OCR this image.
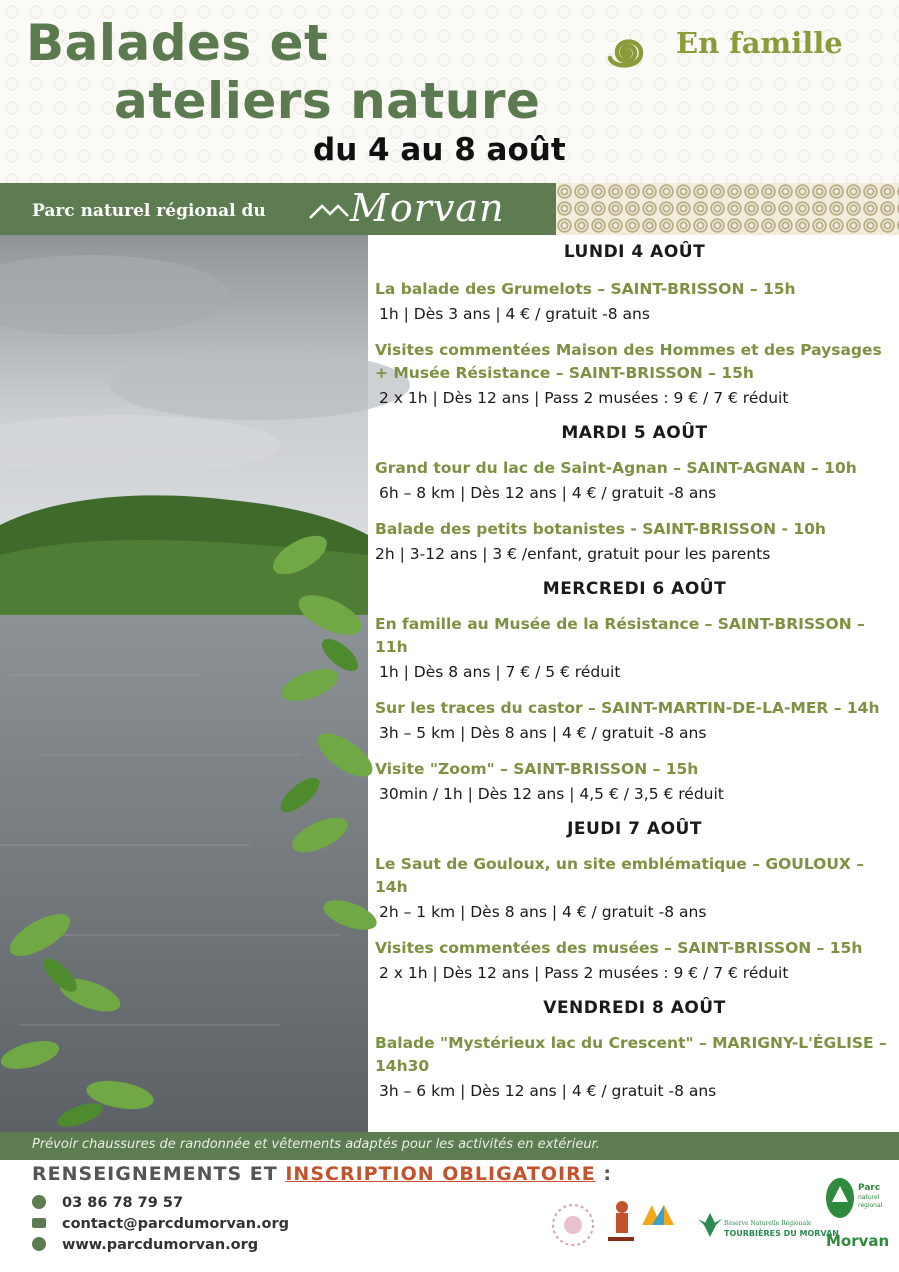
Balades et
ateliers nature
du 4 au 8 août
En famille
Parc naturel régional du Morvan
LUNDI 4 AOÛT
La balade des Grumelots – SAINT-BRISSON – 15h
1h | Dès 3 ans | 4 € / gratuit -8 ans
Visites commentées Maison des Hommes et des Paysages + Musée Résistance – SAINT-BRISSON – 15h
2 x 1h | Dès 12 ans | Pass 2 musées : 9 € / 7 € réduit
MARDI 5 AOÛT
Grand tour du lac de Saint-Agnan – SAINT-AGNAN – 10h
6h – 8 km | Dès 12 ans | 4 € / gratuit -8 ans
Balade des petits botanistes - SAINT-BRISSON - 10h
2h | 3-12 ans | 3 € /enfant, gratuit pour les parents
MERCREDI 6 AOÛT
En famille au Musée de la Résistance – SAINT-BRISSON – 11h
1h | Dès 8 ans | 7 € / 5 € réduit
Sur les traces du castor – SAINT-MARTIN-DE-LA-MER – 14h
3h – 5 km | Dès 8 ans | 4 € / gratuit -8 ans
Visite "Zoom" – SAINT-BRISSON – 15h
30min / 1h | Dès 12 ans | 4,5 € / 3,5 € réduit
JEUDI 7 AOÛT
Le Saut de Gouloux, un site emblématique – GOULOUX – 14h
2h – 1 km | Dès 8 ans | 4 € / gratuit -8 ans
Visites commentées des musées – SAINT-BRISSON – 15h
2 x 1h | Dès 12 ans | Pass 2 musées : 9 € / 7 € réduit
VENDREDI 8 AOÛT
Balade "Mystérieux lac du Crescent" – MARIGNY-L'ÉGLISE – 14h30
3h – 6 km | Dès 12 ans | 4 € / gratuit -8 ans
Prévoir chaussures de randonnée et vêtements adaptés pour les activités en extérieur.
RENSEIGNEMENTS ET INSCRIPTION OBLIGATOIRE :
03 86 78 79 57
contact@parcdumorvan.org
www.parcdumorvan.org
Réserve Naturelle Régionale
TOURBIÈRES DU MORVAN
Parc
naturel
régional
Morvan
